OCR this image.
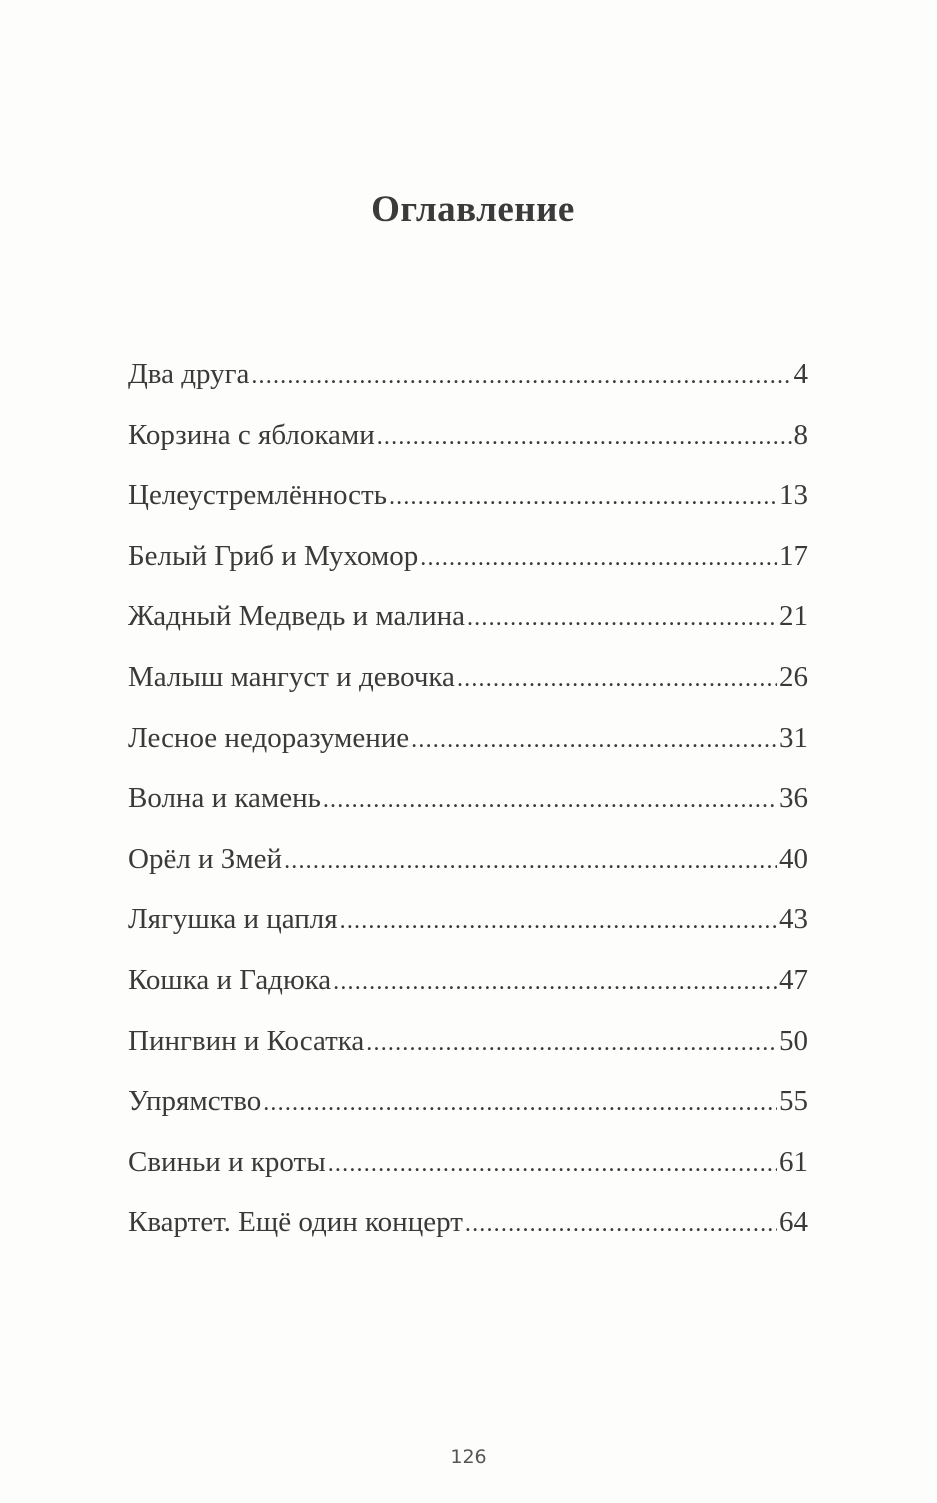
Оглавление
Два друга . . .	4
Корзина с яблоками . . .	8
Целеустремлённость . . .	13
Белый Гриб и Мухомор . . .	17
Жадный Медведь и малина . . .	21
Малыш мангуст и девочка . . .	26
Лесное недоразумение . . .	31
Волна и камень . . .	36
Орёл и Змей . . .	40
Лягушка и цапля . . .	43
Кошка и Гадюка . . .	47
Пингвин и Косатка . . .	50
Упрямство . . .	55
Свиньи и кроты . . .	61
Квартет. Ещё один концерт . . .	64
126
